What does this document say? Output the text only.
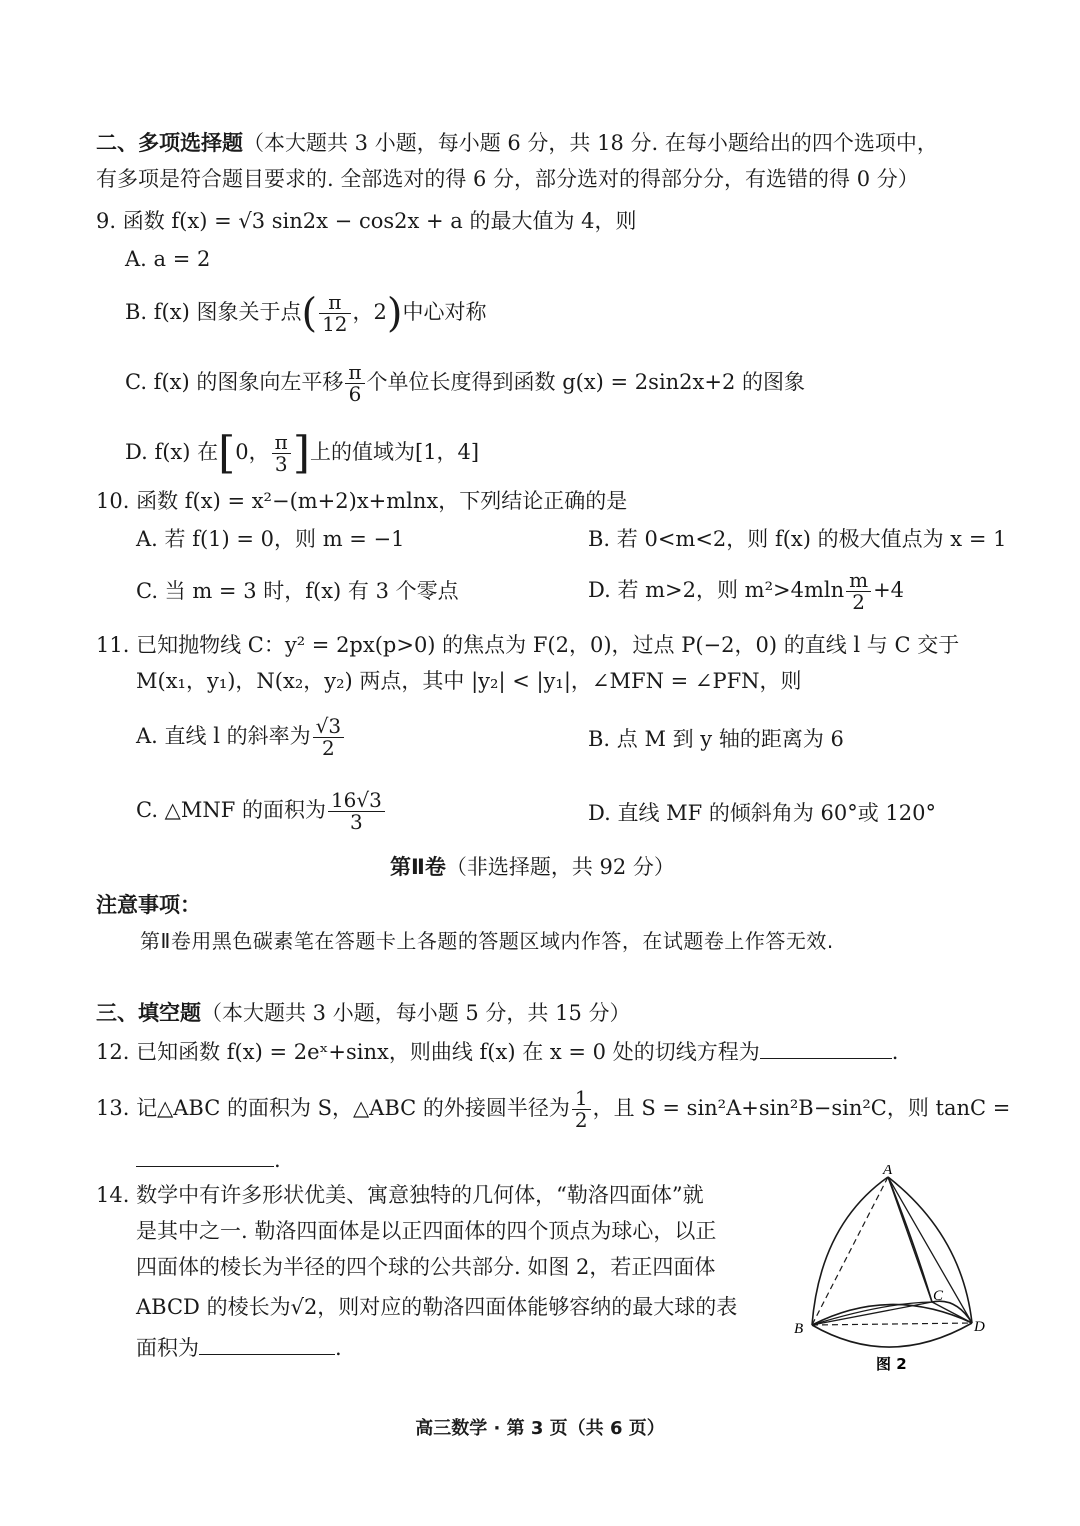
二、多项选择题（本大题共 3 小题，每小题 6 分，共 18 分. 在每小题给出的四个选项中，
有多项是符合题目要求的. 全部选对的得 6 分，部分选对的得部分分，有选错的得 0 分）
9. 函数 f(x) = √3 sin2x − cos2x + a 的最大值为 4，则
A. a = 2
B. f(x) 图象关于点( $\frac{\pi}{12}$ ，2)中心对称
C. f(x) 的图象向左平移 $\frac{\pi}{6}$ 个单位长度得到函数 g(x) = 2sin2x+2 的图象
D. f(x) 在[0， $\frac{\pi}{3}$ ]上的值域为[1，4]
10. 函数 f(x) = x²−(m+2)x+mlnx，下列结论正确的是
A. 若 f(1) = 0，则 m = −1	B. 若 0<m<2，则 f(x) 的极大值点为 x = 1
C. 当 m = 3 时，f(x) 有 3 个零点	D. 若 m>2，则 $m^2>4mln \frac{m}{2} +4$
11. 已知抛物线 C：y² = 2px(p>0) 的焦点为 F(2，0)，过点 P(−2，0) 的直线 l 与 C 交于
M(x₁，y₁)，N(x₂，y₂) 两点，其中 |y₂| < |y₁|，∠MFN = ∠PFN，则
A. 直线 l 的斜率为 $\frac{√3}{2}$	B. 点 M 到 y 轴的距离为 6
C. △MNF 的面积为 $\frac{16√3}{3}$	D. 直线 MF 的倾斜角为 60°或 120°
第Ⅱ卷（非选择题，共 92 分）
注意事项：
第Ⅱ卷用黑色碳素笔在答题卡上各题的答题区域内作答，在试题卷上作答无效.
三、填空题（本大题共 3 小题，每小题 5 分，共 15 分）
12. 已知函数 f(x) = 2eˣ+sinx，则曲线 f(x) 在 x = 0 处的切线方程为	.
13. 记△ABC 的面积为 S，△ABC 的外接圆半径为 $\frac{1}{2}$ ，且 S = sin²A+sin²B−sin²C，则 tanC =
.
14. 数学中有许多形状优美、寓意独特的几何体，“勒洛四面体”就
是其中之一. 勒洛四面体是以正四面体的四个顶点为球心，以正
四面体的棱长为半径的四个球的公共部分. 如图 2，若正四面体
ABCD 的棱长为√2，则对应的勒洛四面体能够容纳的最大球的表
面积为	.
A
B
C
D
图 2
高三数学 · 第 3 页（共 6 页）
